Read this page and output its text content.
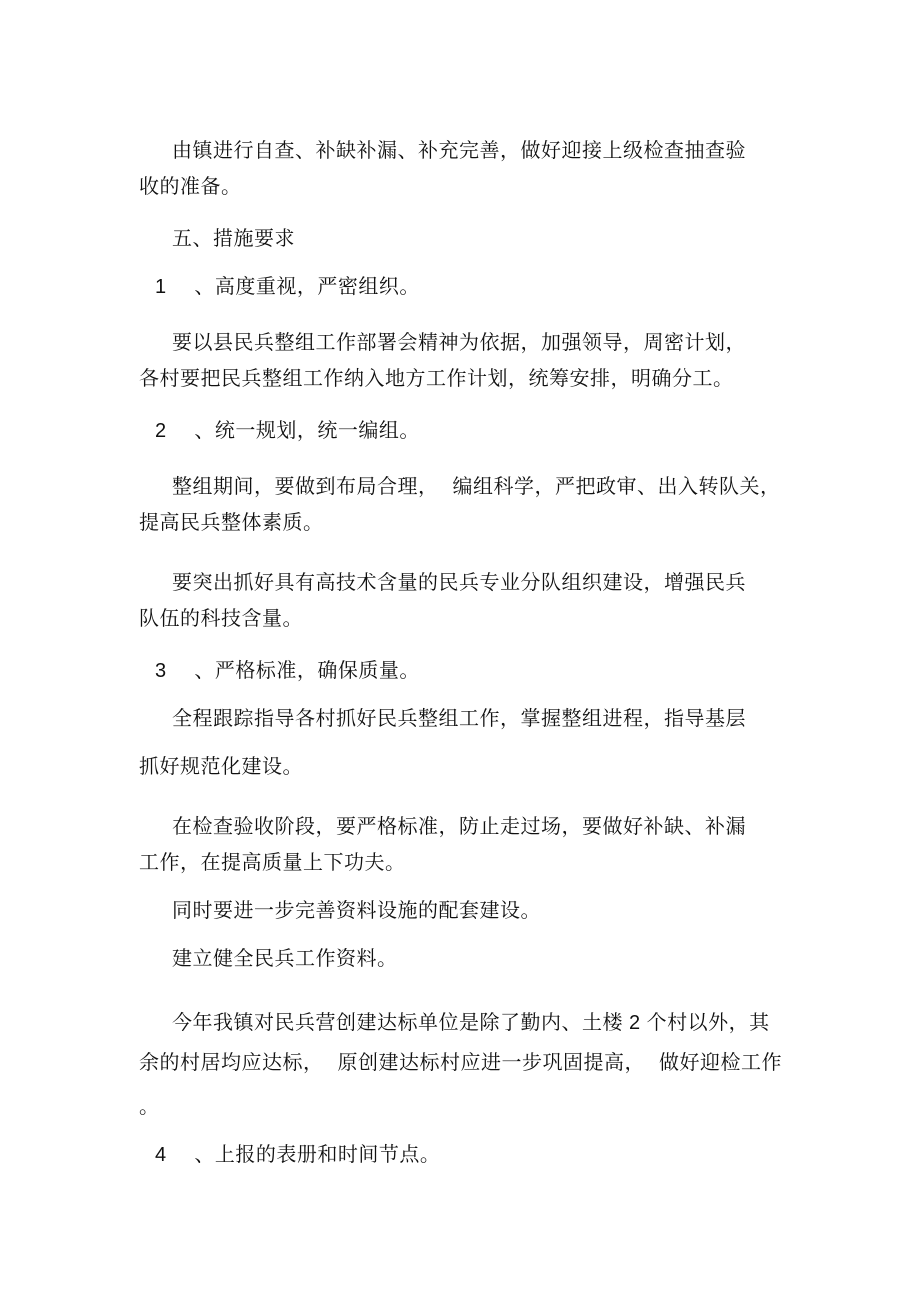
由镇进行自查、补缺补漏、补充完善，做好迎接上级检查抽查验

收的准备。

五、措施要求

1 、高度重视，严密组织。

要以县民兵整组工作部署会精神为依据，加强领导，周密计划，

各村要把民兵整组工作纳入地方工作计划，统筹安排，明确分工。

2 、统一规划，统一编组。

整组期间，要做到布局合理， 编组科学，严把政审、出入转队关，

提高民兵整体素质。

要突出抓好具有高技术含量的民兵专业分队组织建设，增强民兵

队伍的科技含量。

3 、严格标准，确保质量。

全程跟踪指导各村抓好民兵整组工作，掌握整组进程，指导基层

抓好规范化建设。

在检查验收阶段，要严格标准，防止走过场，要做好补缺、补漏

工作，在提高质量上下功夫。

同时要进一步完善资料设施的配套建设。

建立健全民兵工作资料。

今年我镇对民兵营创建达标单位是除了勤内、土楼 2 个村以外，其

余的村居均应达标， 原创建达标村应进一步巩固提高， 做好迎检工作

。

4 、上报的表册和时间节点。
